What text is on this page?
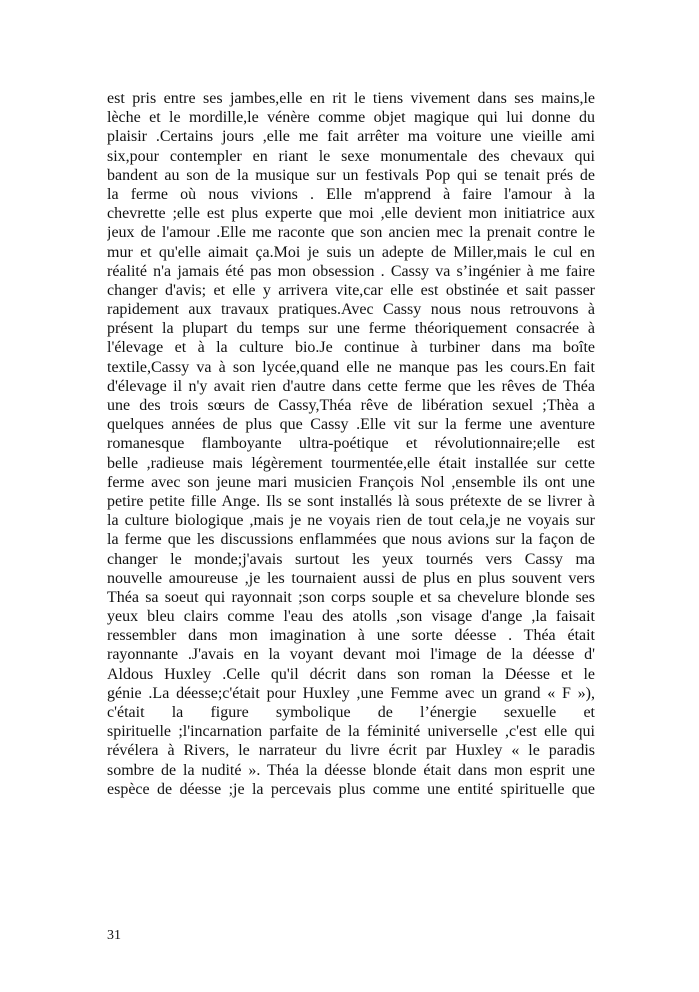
est pris entre ses jambes,elle en rit le tiens vivement dans ses mains,le
lèche et le mordille,le vénère comme objet magique qui lui donne du
plaisir .Certains jours ,elle me fait arrêter ma voiture une vieille ami
six,pour contempler en riant le sexe monumentale des chevaux qui
bandent au son de la musique sur un festivals Pop qui se tenait prés de
la ferme où nous vivions . Elle m'apprend à faire l'amour à la
chevrette ;elle est plus experte que moi ,elle devient mon initiatrice aux
jeux de l'amour .Elle me raconte que son ancien mec la prenait contre le
mur et qu'elle aimait ça.Moi je suis un adepte de Miller,mais le cul en
réalité n'a jamais été pas mon obsession . Cassy va s’ingénier à me faire
changer d'avis; et elle y arrivera vite,car elle est obstinée et sait passer
rapidement aux travaux pratiques.Avec Cassy nous nous retrouvons à
présent la plupart du temps sur une ferme théoriquement consacrée à
l'élevage et à la culture bio.Je continue à turbiner dans ma boîte
textile,Cassy va à son lycée,quand elle ne manque pas les cours.En fait
d'élevage il n'y avait rien d'autre dans cette ferme que les rêves de Théa
une des trois sœurs de Cassy,Théa rêve de libération sexuel ;Thèa a
quelques années de plus que Cassy .Elle vit sur la ferme une aventure
romanesque flamboyante ultra-poétique et révolutionnaire;elle est
belle ,radieuse mais légèrement tourmentée,elle était installée sur cette
ferme avec son jeune mari musicien François Nol ,ensemble ils ont une
petire petite fille Ange. Ils se sont installés là sous prétexte de se livrer à
la culture biologique ,mais je ne voyais rien de tout cela,je ne voyais sur
la ferme que les discussions enflammées que nous avions sur la façon de
changer le monde;j'avais surtout les yeux tournés vers Cassy ma
nouvelle amoureuse ,je les tournaient aussi de plus en plus souvent vers
Théa sa soeut qui rayonnait ;son corps souple et sa chevelure blonde ses
yeux bleu clairs comme l'eau des atolls ,son visage d'ange ,la faisait
ressembler dans mon imagination à une sorte déesse . Théa était
rayonnante .J'avais en la voyant devant moi l'image de la déesse d'
Aldous Huxley .Celle qu'il décrit dans son roman la Déesse et le
génie .La déesse;c'était pour Huxley ,une Femme avec un grand « F »),
c'était la figure symbolique de l’énergie sexuelle et
spirituelle ;l'incarnation parfaite de la féminité universelle ,c'est elle qui
révélera à Rivers, le narrateur du livre écrit par Huxley « le paradis
sombre de la nudité ». Théa la déesse blonde était dans mon esprit une
espèce de déesse ;je la percevais plus comme une entité spirituelle que
31
